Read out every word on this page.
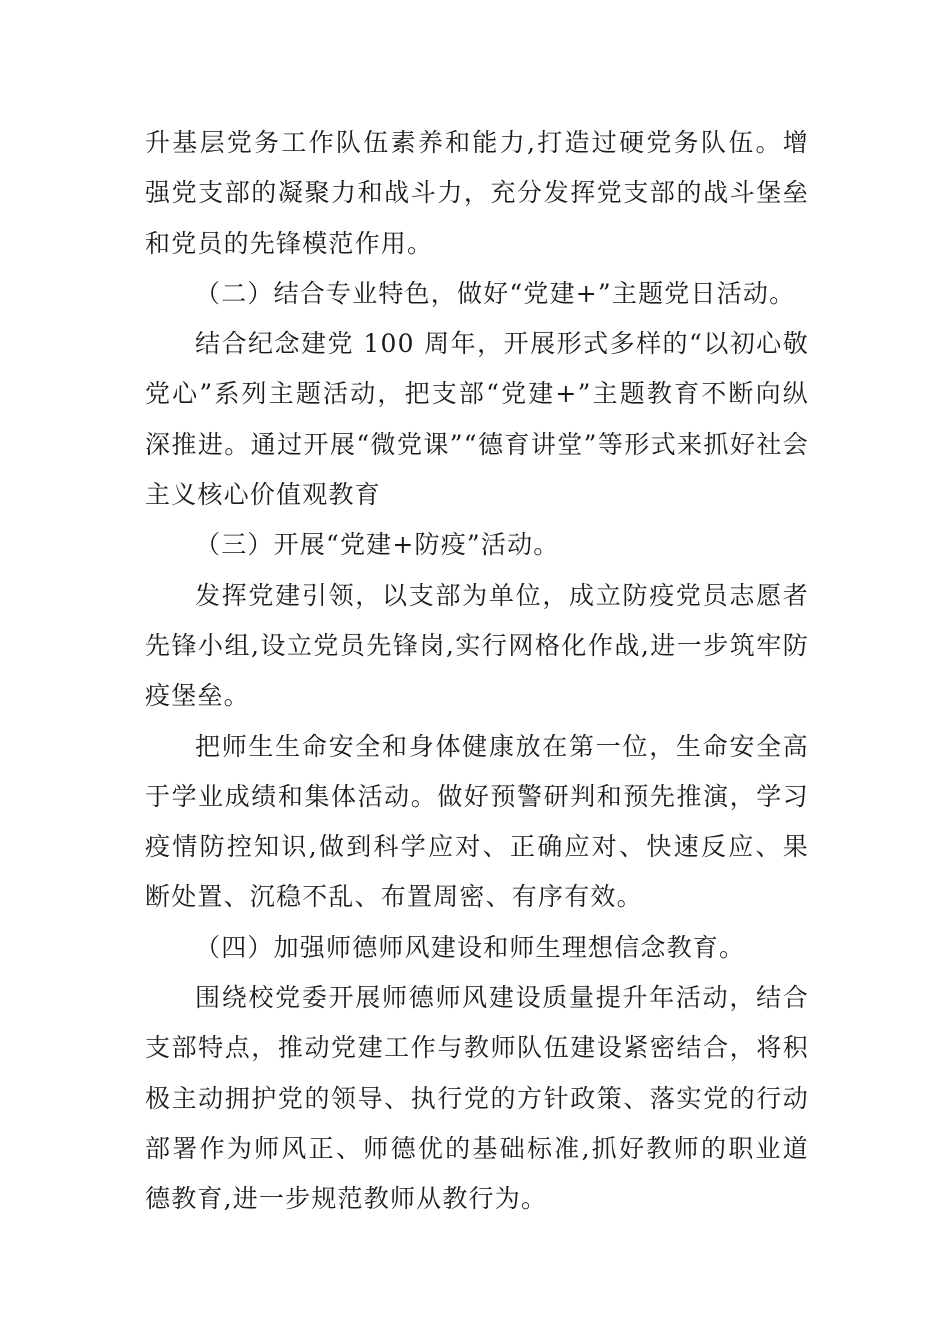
升基层党务工作队伍素养和能力,打造过硬党务队伍。增强党支部的凝聚力和战斗力，充分发挥党支部的战斗堡垒和党员的先锋模范作用。

（二）结合专业特色，做好“党建+”主题党日活动。

结合纪念建党 100 周年，开展形式多样的“以初心敬党心”系列主题活动，把支部“党建+”主题教育不断向纵深推进。通过开展“微党课”“德育讲堂”等形式来抓好社会主义核心价值观教育

（三）开展“党建+防疫”活动。

发挥党建引领，以支部为单位，成立防疫党员志愿者先锋小组,设立党员先锋岗,实行网格化作战,进一步筑牢防疫堡垒。

把师生生命安全和身体健康放在第一位，生命安全高于学业成绩和集体活动。做好预警研判和预先推演，学习疫情防控知识,做到科学应对、正确应对、快速反应、果断处置、沉稳不乱、布置周密、有序有效。

（四）加强师德师风建设和师生理想信念教育。

围绕校党委开展师德师风建设质量提升年活动，结合支部特点，推动党建工作与教师队伍建设紧密结合，将积极主动拥护党的领导、执行党的方针政策、落实党的行动部署作为师风正、师德优的基础标准,抓好教师的职业道德教育,进一步规范教师从教行为。
